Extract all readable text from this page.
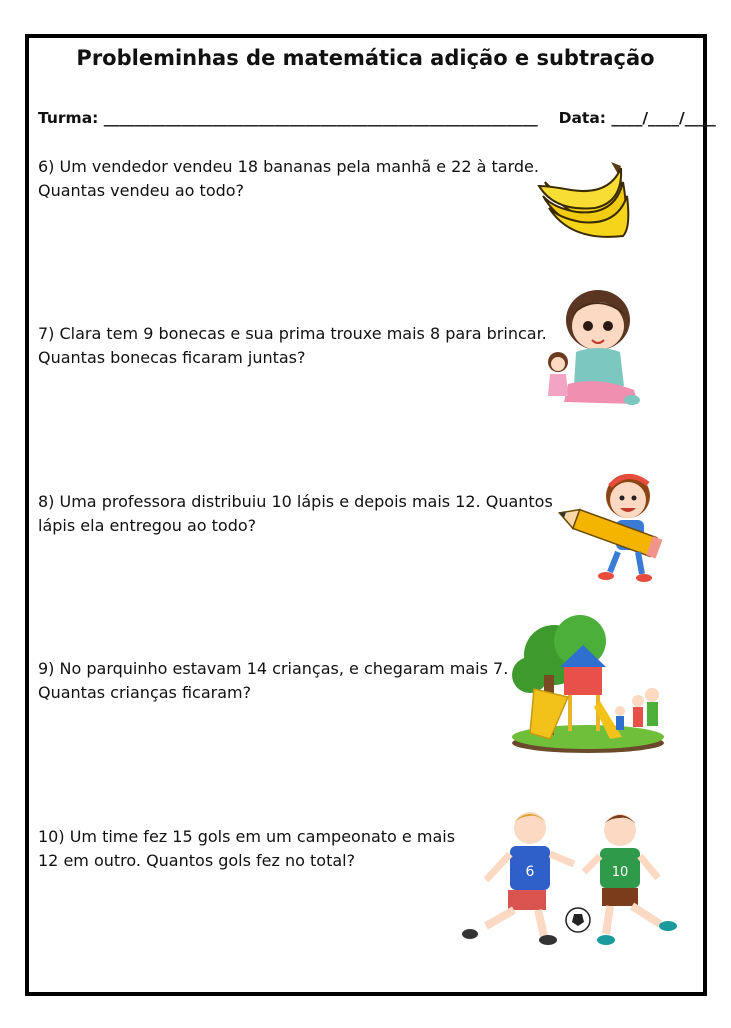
Probleminhas de matemática adição e subtração
Turma: ________________________________________________________ Data: ____/____/____
6) Um vendedor vendeu 18 bananas pela manhã e 22 à tarde.
Quantas vendeu ao todo?
7) Clara tem 9 bonecas e sua prima trouxe mais 8 para brincar.
Quantas bonecas ficaram juntas?
8) Uma professora distribuiu 10 lápis e depois mais 12. Quantos
lápis ela entregou ao todo?
9) No parquinho estavam 14 crianças, e chegaram mais 7.
Quantas crianças ficaram?
10) Um time fez 15 gols em um campeonato e mais
12 em outro. Quantos gols fez no total?
6	10
